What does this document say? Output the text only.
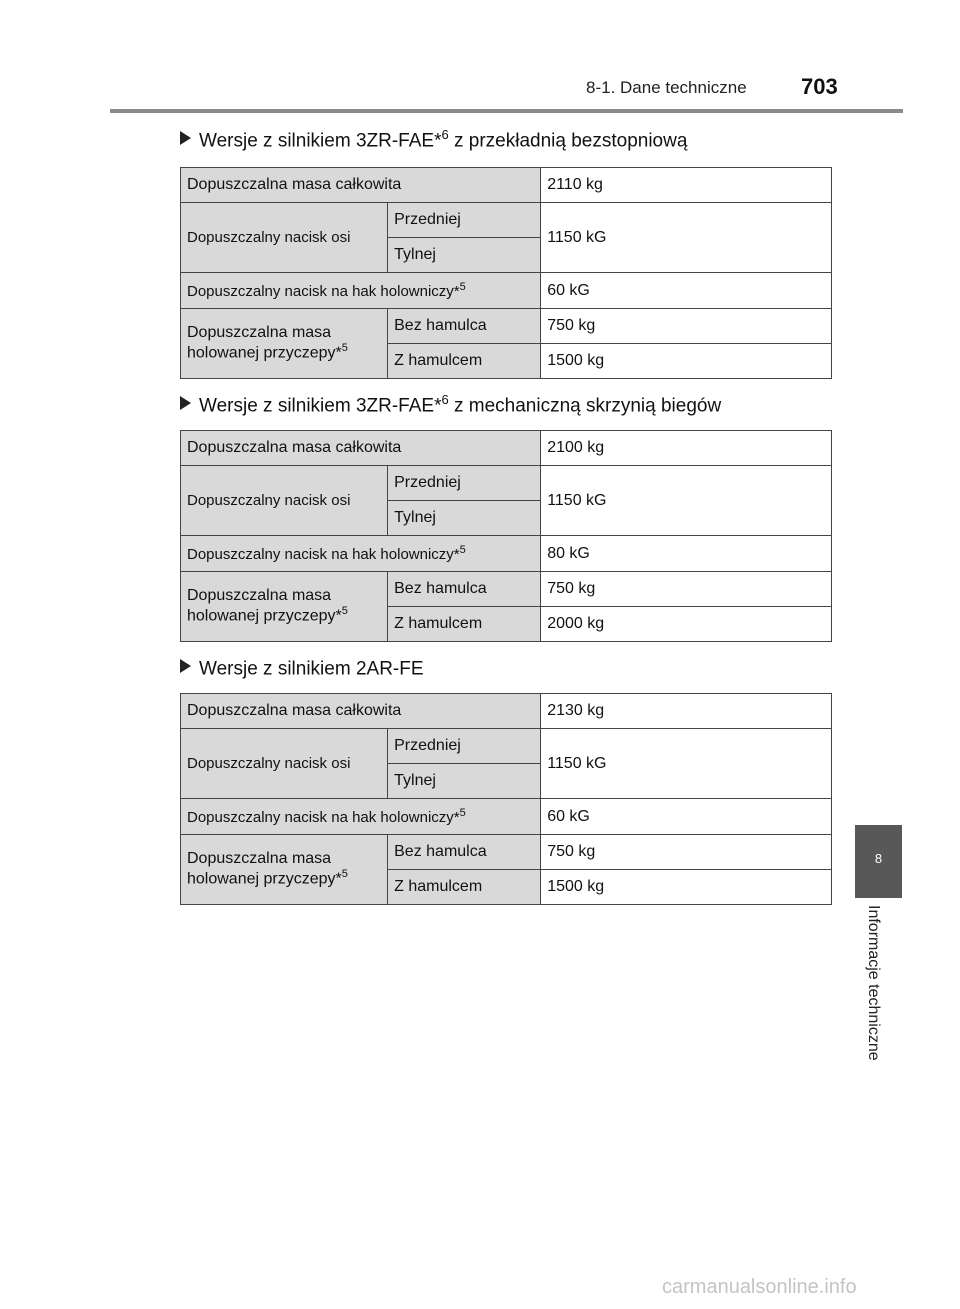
8-1. Dane techniczne 703
Wersje z silnikiem 3ZR-FAE*$^6$ z przekładnią bezstopniową
Dopuszczalna masa całkowita		2110 kg
Dopuszczalny nacisk osi	Przedniej	1150 kG
	Tylnej	
Dopuszczalny nacisk na hak holowniczy*$^5$		60 kG
Dopuszczalna masa
holowanej przyczepy*$^5$	Bez hamulca	750 kg
	Z hamulcem	1500 kg
Wersje z silnikiem 3ZR-FAE*$^6$ z mechaniczną skrzynią biegów
Dopuszczalna masa całkowita		2100 kg
Dopuszczalny nacisk osi	Przedniej	1150 kG
	Tylnej	
Dopuszczalny nacisk na hak holowniczy*$^5$		80 kG
Dopuszczalna masa
holowanej przyczepy*$^5$	Bez hamulca	750 kg
	Z hamulcem	2000 kg
Wersje z silnikiem 2AR-FE
Dopuszczalna masa całkowita		2130 kg
Dopuszczalny nacisk osi	Przedniej	1150 kG
	Tylnej	
Dopuszczalny nacisk na hak holowniczy*$^5$		60 kG
Dopuszczalna masa
holowanej przyczepy*$^5$	Bez hamulca	750 kg
	Z hamulcem	1500 kg
8
Informacje techniczne
carmanualsonline.info
